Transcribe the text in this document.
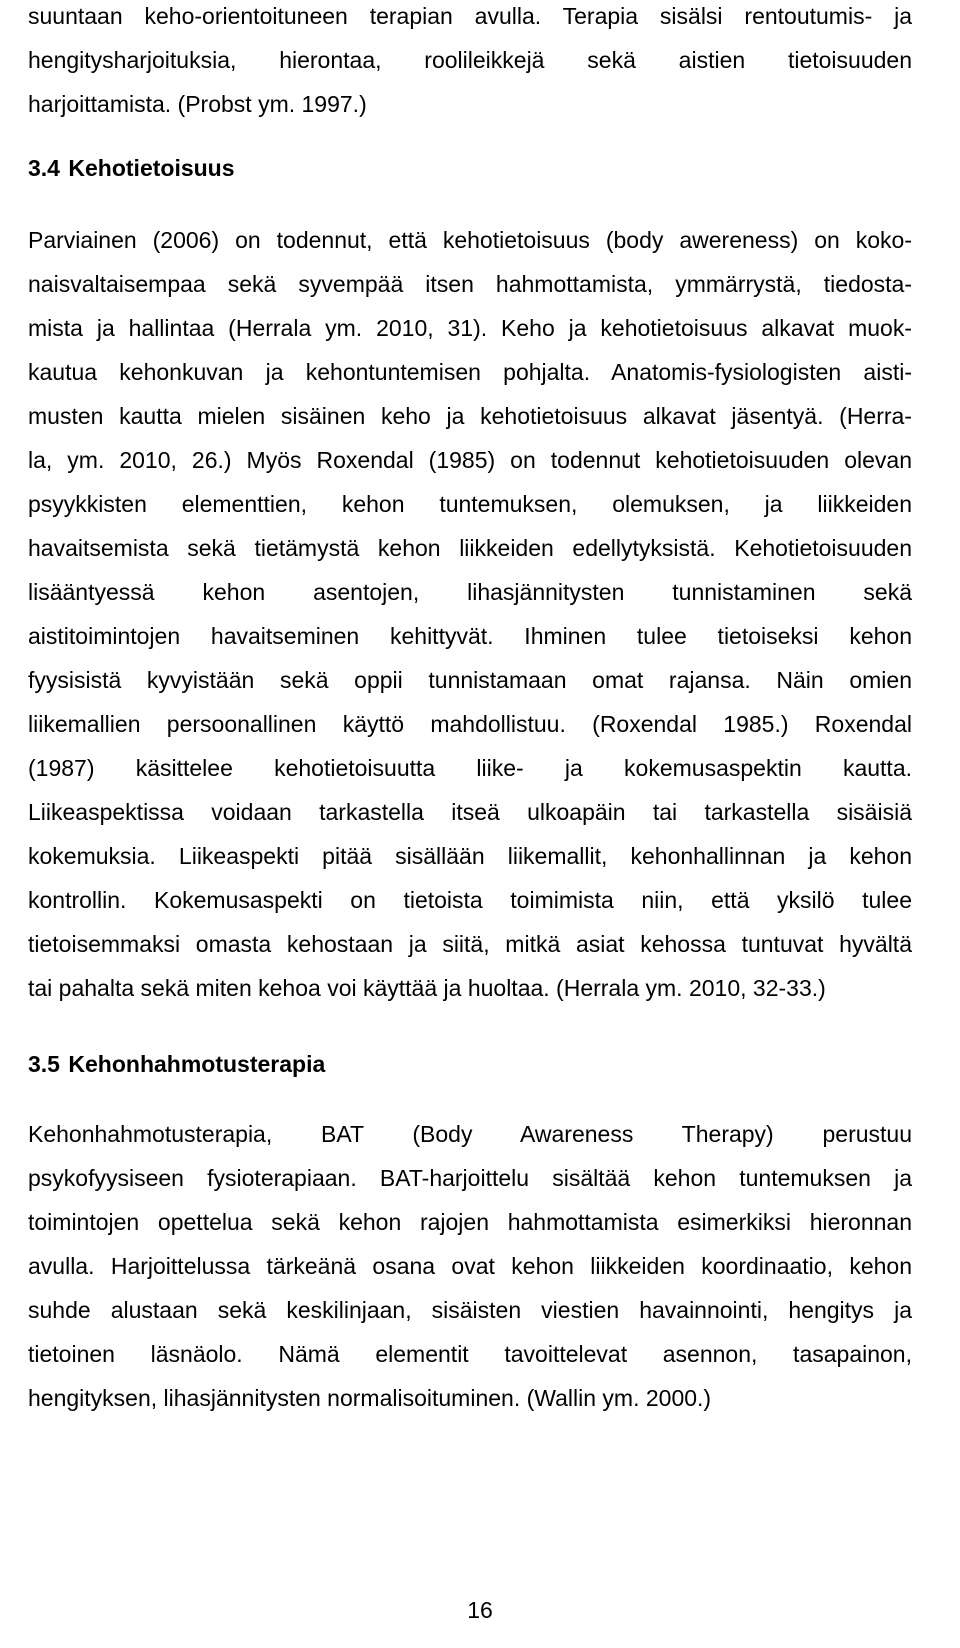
suuntaan keho-orientoituneen terapian avulla. Terapia sisälsi rentoutumis- ja
hengitysharjoituksia, hierontaa, roolileikkejä sekä aistien tietoisuuden
harjoittamista. (Probst ym. 1997.)
3.4 Kehotietoisuus
Parviainen (2006) on todennut, että kehotietoisuus (body awereness) on koko-
naisvaltaisempaa sekä syvempää itsen hahmottamista, ymmärrystä, tiedosta-
mista ja hallintaa (Herrala ym. 2010, 31). Keho ja kehotietoisuus alkavat muok-
kautua kehonkuvan ja kehontuntemisen pohjalta. Anatomis-fysiologisten aisti-
musten kautta mielen sisäinen keho ja kehotietoisuus alkavat jäsentyä. (Herra-
la, ym. 2010, 26.) Myös Roxendal (1985) on todennut kehotietoisuuden olevan
psyykkisten elementtien, kehon tuntemuksen, olemuksen, ja liikkeiden
havaitsemista sekä tietämystä kehon liikkeiden edellytyksistä. Kehotietoisuuden
lisääntyessä kehon asentojen, lihasjännitysten tunnistaminen sekä
aistitoimintojen havaitseminen kehittyvät. Ihminen tulee tietoiseksi kehon
fyysisistä kyvyistään sekä oppii tunnistamaan omat rajansa. Näin omien
liikemallien persoonallinen käyttö mahdollistuu. (Roxendal 1985.) Roxendal
(1987) käsittelee kehotietoisuutta liike- ja kokemusaspektin kautta.
Liikeaspektissa voidaan tarkastella itseä ulkoapäin tai tarkastella sisäisiä
kokemuksia. Liikeaspekti pitää sisällään liikemallit, kehonhallinnan ja kehon
kontrollin. Kokemusaspekti on tietoista toimimista niin, että yksilö tulee
tietoisemmaksi omasta kehostaan ja siitä, mitkä asiat kehossa tuntuvat hyvältä
tai pahalta sekä miten kehoa voi käyttää ja huoltaa. (Herrala ym. 2010, 32-33.)
3.5 Kehonhahmotusterapia
Kehonhahmotusterapia, BAT (Body Awareness Therapy) perustuu
psykofyysiseen fysioterapiaan. BAT-harjoittelu sisältää kehon tuntemuksen ja
toimintojen opettelua sekä kehon rajojen hahmottamista esimerkiksi hieronnan
avulla. Harjoittelussa tärkeänä osana ovat kehon liikkeiden koordinaatio, kehon
suhde alustaan sekä keskilinjaan, sisäisten viestien havainnointi, hengitys ja
tietoinen läsnäolo. Nämä elementit tavoittelevat asennon, tasapainon,
hengityksen, lihasjännitysten normalisoituminen. (Wallin ym. 2000.)
16
